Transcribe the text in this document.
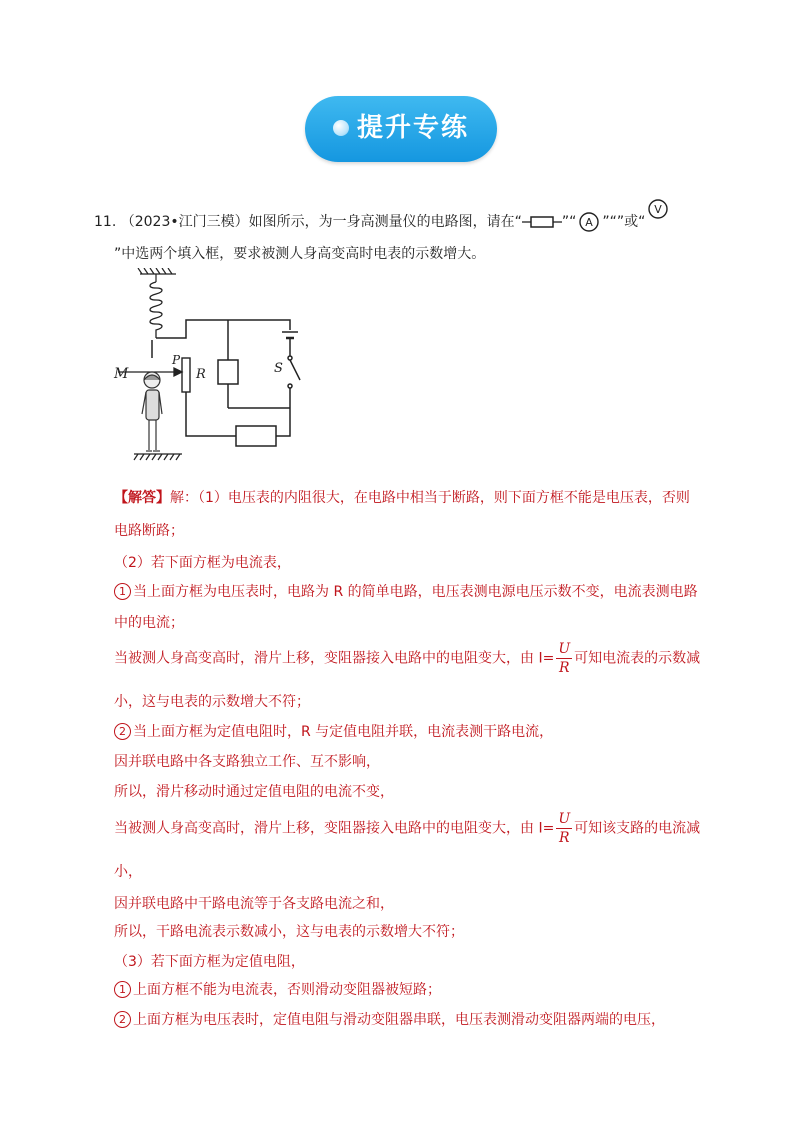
提升专练
11. （2023•江门三模）如图所示，为一身高测量仪的电路图，请在“	”“ A ”“”或“
V
”中选两个填入框，要求被测人身高变高时电表的示数增大。
M
P
R	S
【解答】解：（1）电压表的内阻很大，在电路中相当于断路，则下面方框不能是电压表，否则
电路断路；
（2）若下面方框为电流表，
1 当上面方框为电压表时，电路为 R 的简单电路，电压表测电源电压示数不变，电流表测电路
中的电流；
当被测人身高变高时，滑片上移，变阻器接入电路中的电阻变大，由 $I= \frac{U}{R}$ 可知电流表的示数减
小，这与电表的示数增大不符；
2 当上面方框为定值电阻时，R 与定值电阻并联，电流表测干路电流，
因并联电路中各支路独立工作、互不影响，
所以，滑片移动时通过定值电阻的电流不变，
当被测人身高变高时，滑片上移，变阻器接入电路中的电阻变大，由 $I= \frac{U}{R}$ 可知该支路的电流减
小，
因并联电路中干路电流等于各支路电流之和，
所以，干路电流表示数减小，这与电表的示数增大不符；
（3）若下面方框为定值电阻，
1 上面方框不能为电流表，否则滑动变阻器被短路；
2 上面方框为电压表时，定值电阻与滑动变阻器串联，电压表测滑动变阻器两端的电压，
